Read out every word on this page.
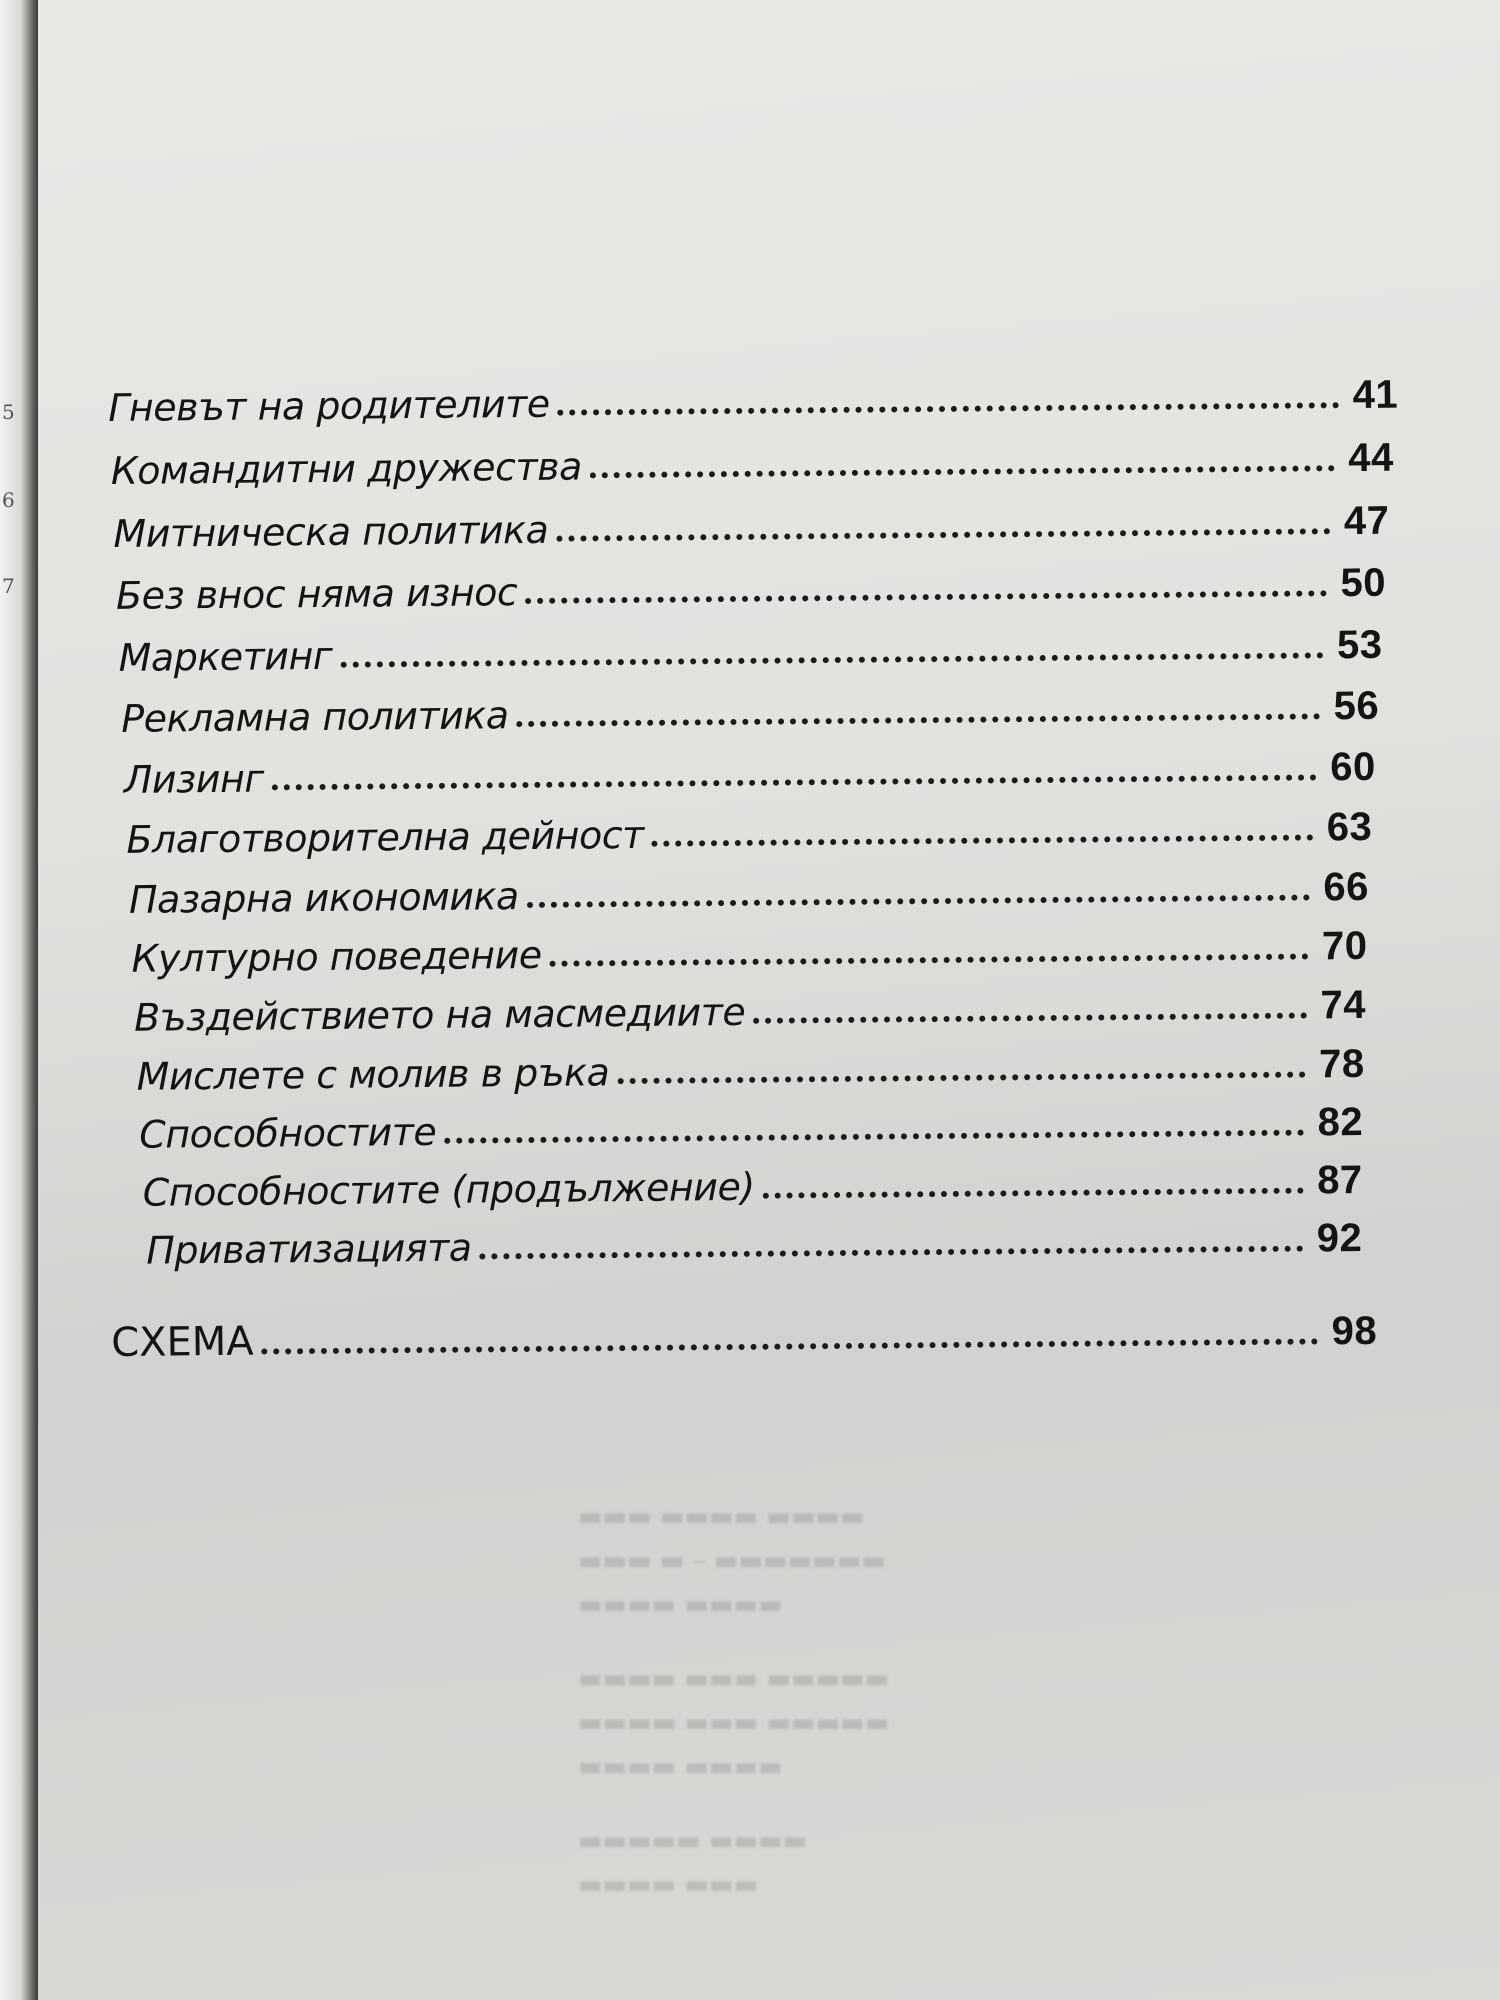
5
6
7
Гневът на родителите	41
Командитни дружества	44
Митническа политика	47
Без внос няма износ	50
Маркетинг	53
Рекламна политика	56
Лизинг	60
Благотворителна дейност	63
Пазарна икономика	66
Културно поведение	70
Въздействието на масмедиите	74
Мислете с молив в ръка	78
Способностите	82
Способностите (продължение)	87
Приватизацията	92
СХЕМА	98
▬▬▬▬ ▬▬▬▬ ▬▬▬
▬▬▬▬▬▬▬ – ▬ ▬▬▬
▬▬▬▬ ▬▬▬▬
▬▬▬▬▬ ▬▬▬ ▬▬▬▬
▬▬▬▬▬ ▬▬▬ ▬▬▬▬
▬▬▬▬ ▬▬▬▬
▬▬▬▬ ▬▬▬▬▬
▬▬▬ ▬▬▬▬
